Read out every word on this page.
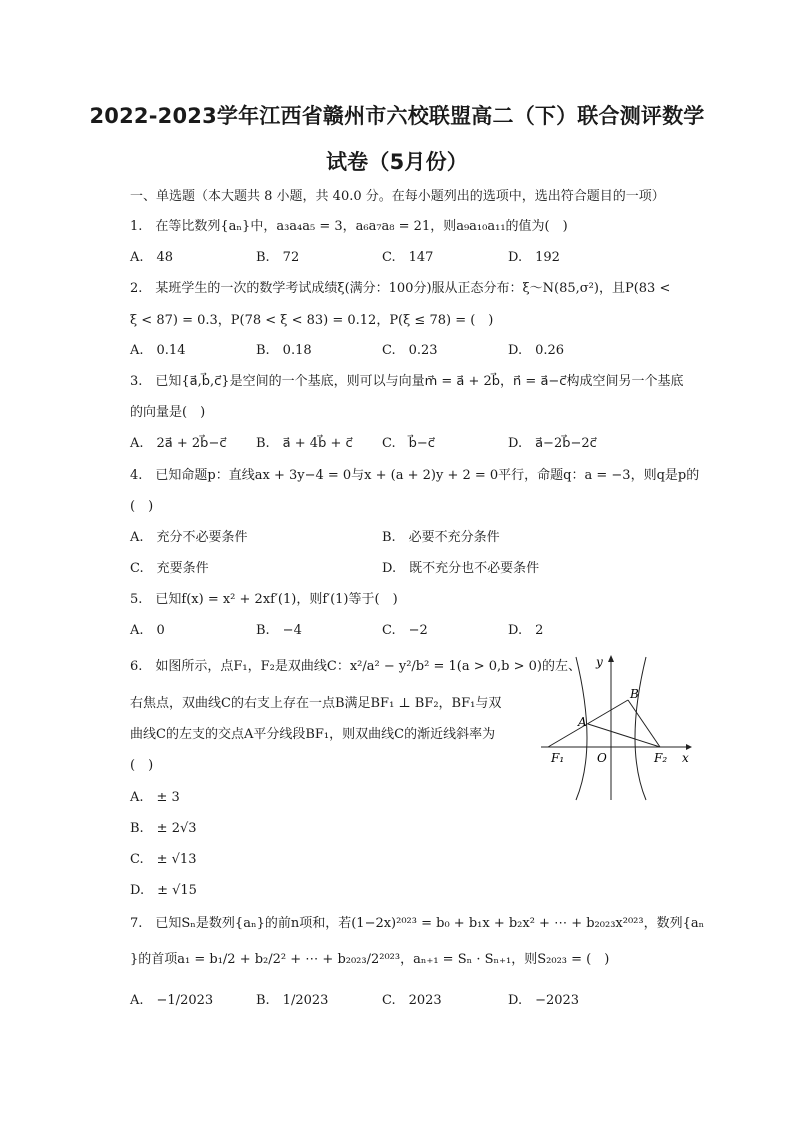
2022-2023学年江西省赣州市六校联盟高二（下）联合测评数学
试卷（5月份）
一、单选题（本大题共 8 小题，共 40.0 分。在每小题列出的选项中，选出符合题目的一项）
1.　在等比数列{aₙ}中，a₃a₄a₅ = 3，a₆a₇a₈ = 21，则a₉a₁₀a₁₁的值为(　)
A.　48	B.　72	C.　147	D.　192
2.　某班学生的一次的数学考试成绩ξ(满分：100分)服从正态分布：ξ～N(85,σ²)，且P(83 <
ξ < 87) = 0.3，P(78 < ξ < 83) = 0.12，P(ξ ≤ 78) = (　)
A.　0.14	B.　0.18	C.　0.23	D.　0.26
3.　已知{a⃗,b⃗,c⃗}是空间的一个基底，则可以与向量m⃗ = a⃗ + 2b⃗，n⃗ = a⃗−c⃗构成空间另一个基底
的向量是(　)
A.　2a⃗ + 2b⃗−c⃗ B.　a⃗ + 4b⃗ + c⃗ C.　b⃗−c⃗	D.　a⃗−2b⃗−2c⃗
4.　已知命题p：直线ax + 3y−4 = 0与x + (a + 2)y + 2 = 0平行，命题q：a = −3，则q是p的
(　)
A.　充分不必要条件	B.　必要不充分条件
C.　充要条件	D.　既不充分也不必要条件
5.　已知f(x) = x² + 2xf′(1)，则f′(1)等于(　)
A.　0	B.　−4	C.　−2	D.　2
6.　如图所示，点F₁，F₂是双曲线C：x²/a² − y²/b² = 1(a > 0,b > 0)的左、
右焦点，双曲线C的右支上存在一点B满足BF₁ ⊥ BF₂，BF₁与双
曲线C的左支的交点A平分线段BF₁，则双曲线C的渐近线斜率为
(　)
A.　± 3
B.　± 2√3
C.　± √13
D.　± √15
y
x
B
A
F₁	O	F₂
7.　已知Sₙ是数列{aₙ}的前n项和，若(1−2x)²⁰²³ = b₀ + b₁x + b₂x² + ⋯ + b₂₀₂₃x²⁰²³，数列{aₙ
}的首项a₁ = b₁/2 + b₂/2² + ⋯ + b₂₀₂₃/2²⁰²³，aₙ₊₁ = Sₙ · Sₙ₊₁，则S₂₀₂₃ = (　)
A.　−1/2023	B.　1/2023	C.　2023	D.　−2023
